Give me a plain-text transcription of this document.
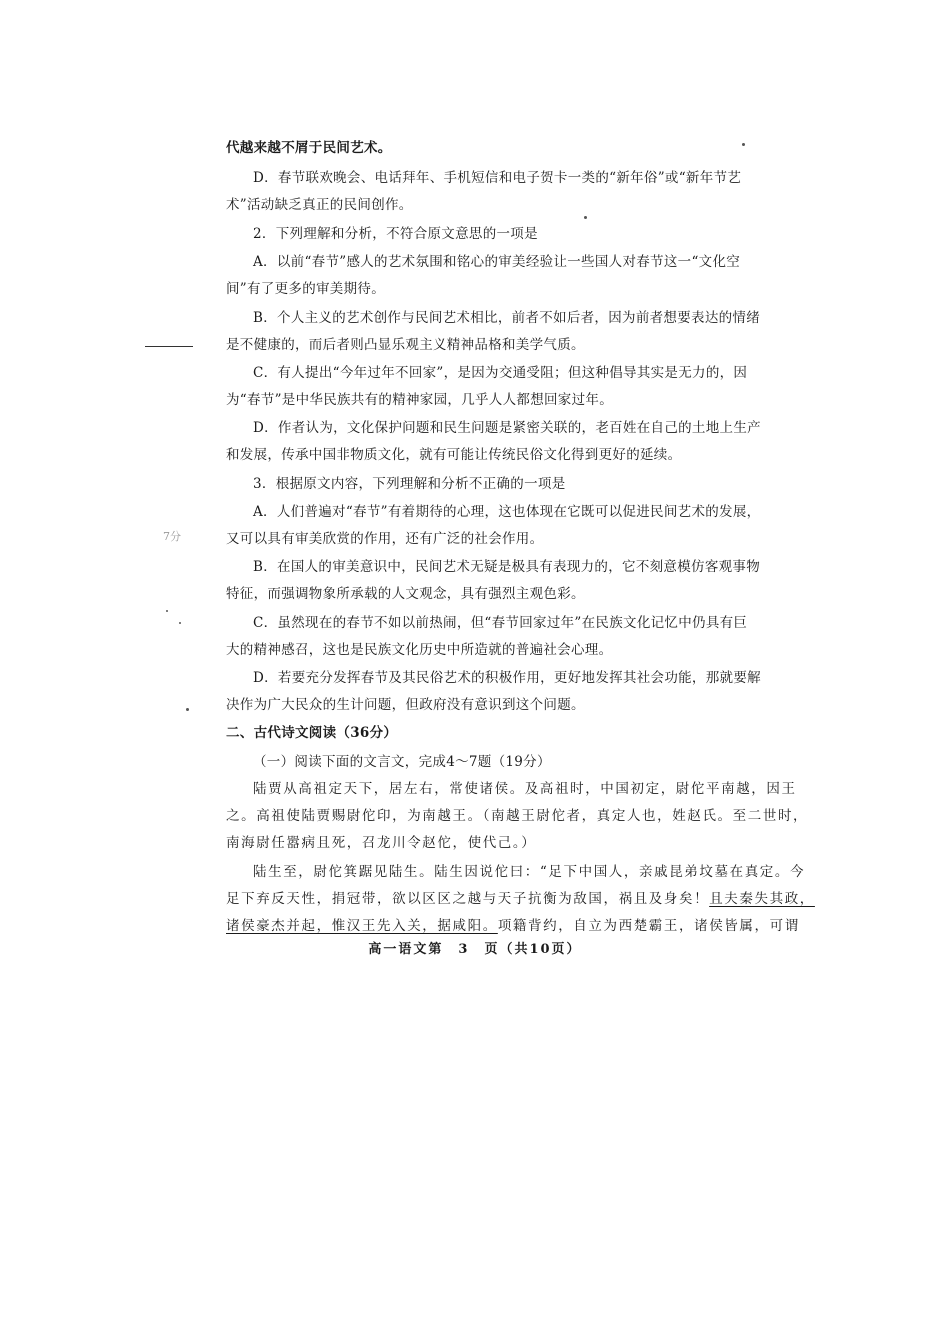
7分
代越来越不屑于民间艺术。
D．春节联欢晚会、电话拜年、手机短信和电子贺卡一类的“新年俗”或“新年节艺
术”活动缺乏真正的民间创作。
2．下列理解和分析，不符合原文意思的一项是
A．以前“春节”感人的艺术氛围和铭心的审美经验让一些国人对春节这一“文化空
间”有了更多的审美期待。
B．个人主义的艺术创作与民间艺术相比，前者不如后者，因为前者想要表达的情绪
是不健康的，而后者则凸显乐观主义精神品格和美学气质。
C．有人提出“今年过年不回家”，是因为交通受阻；但这种倡导其实是无力的，因
为“春节”是中华民族共有的精神家园，几乎人人都想回家过年。
D．作者认为，文化保护问题和民生问题是紧密关联的，老百姓在自己的土地上生产
和发展，传承中国非物质文化，就有可能让传统民俗文化得到更好的延续。
3．根据原文内容，下列理解和分析不正确的一项是
A．人们普遍对“春节”有着期待的心理，这也体现在它既可以促进民间艺术的发展，
又可以具有审美欣赏的作用，还有广泛的社会作用。
B．在国人的审美意识中，民间艺术无疑是极具有表现力的，它不刻意模仿客观事物
特征，而强调物象所承载的人文观念，具有强烈主观色彩。
C．虽然现在的春节不如以前热闹，但“春节回家过年”在民族文化记忆中仍具有巨
大的精神感召，这也是民族文化历史中所造就的普遍社会心理。
D．若要充分发挥春节及其民俗艺术的积极作用，更好地发挥其社会功能，那就要解
决作为广大民众的生计问题，但政府没有意识到这个问题。
二、古代诗文阅读（36分）
（一）阅读下面的文言文，完成4～7题（19分）
陆贾从高祖定天下，居左右，常使诸侯。及高祖时，中国初定，尉佗平南越，因王
之。高祖使陆贾赐尉佗印，为南越王。（南越王尉佗者，真定人也，姓赵氏。至二世时，
南海尉任嚣病且死，召龙川令赵佗，使代己。）
陆生至，尉佗箕踞见陆生。陆生因说佗曰：“足下中国人，亲戚昆弟坟墓在真定。今
足下弃反天性，捐冠带，欲以区区之越与天子抗衡为敌国，祸且及身矣！且夫秦失其政，
诸侯豪杰并起，惟汉王先入关，据咸阳。项籍背约，自立为西楚霸王，诸侯皆属，可谓
高一语文第　3　页（共10页）
